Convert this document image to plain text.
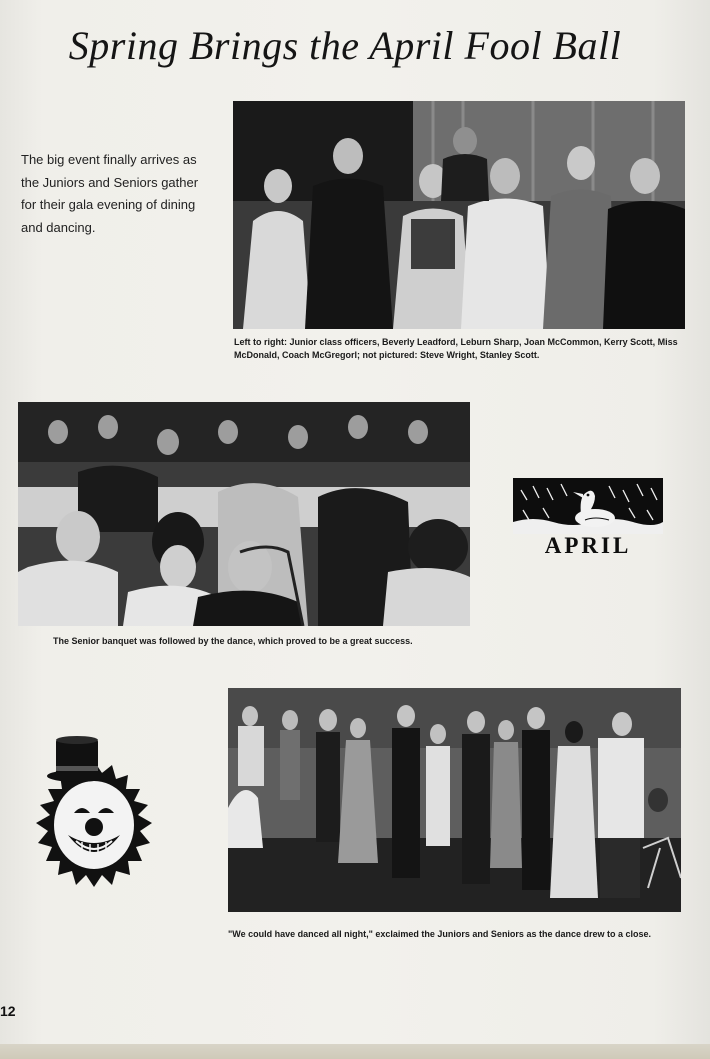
Spring Brings the April Fool Ball
The big event finally arrives as the Juniors and Seniors gather for their gala evening of dining and dancing.
Left to right: Junior class officers, Beverly Leadford, Leburn Sharp, Joan McCommon, Kerry Scott, Miss McDonald, Coach McGregorl; not pictured: Steve Wright, Stanley Scott.
The Senior banquet was followed by the dance, which proved to be a great success.
APRIL
"We could have danced all night," exclaimed the Juniors and Seniors as the dance drew to a close.
12
